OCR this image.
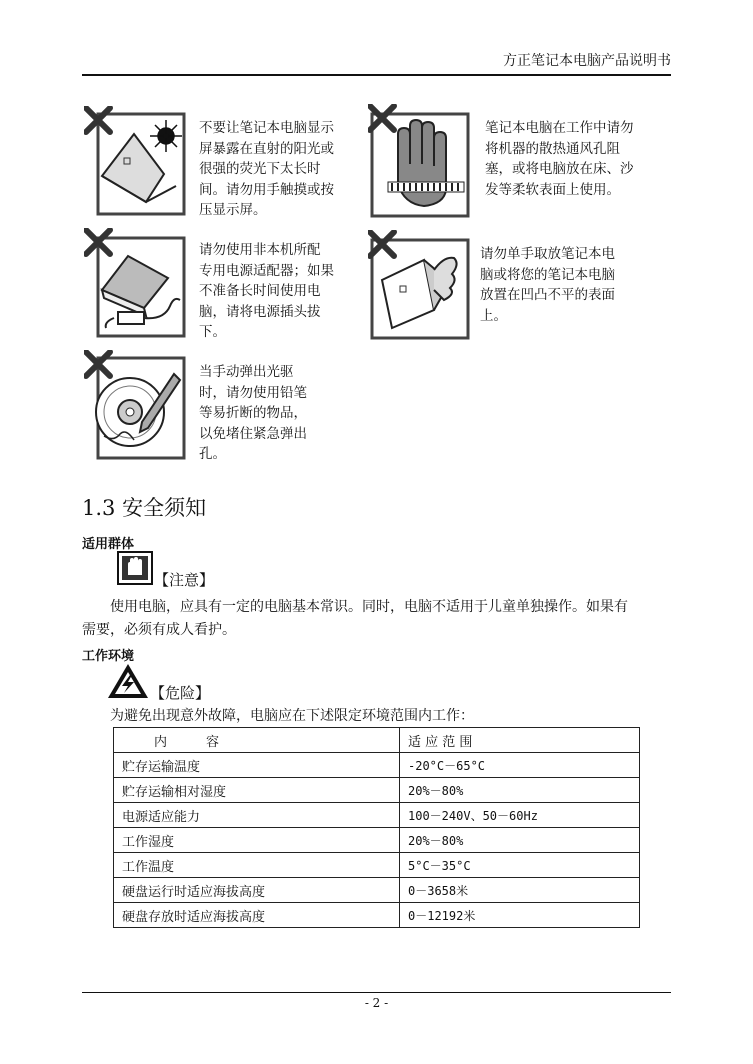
方正笔记本电脑产品说明书
不要让笔记本电脑显示
屏暴露在直射的阳光或
很强的荧光下太长时
间。请勿用手触摸或按
压显示屏。
笔记本电脑在工作中请勿
将机器的散热通风孔阻
塞，或将电脑放在床、沙
发等柔软表面上使用。
请勿使用非本机所配
专用电源适配器；如果
不准备长时间使用电
脑，请将电源插头拔
下。
请勿单手取放笔记本电
脑或将您的笔记本电脑
放置在凹凸不平的表面
上。
当手动弹出光驱
时，请勿使用铅笔
等易折断的物品，
以免堵住紧急弹出
孔。
1.3 安全须知
适用群体
【注意】
使用电脑，应具有一定的电脑基本常识。同时，电脑不适用于儿童单独操作。如果有
需要，必须有成人看护。
工作环境
【危险】
为避免出现意外故障，电脑应在下述限定环境范围内工作：
内　　　容	适 应 范 围
贮存运输温度	-20°C－65°C
贮存运输相对湿度	20%－80%
电源适应能力	100－240V、50－60Hz
工作湿度	20%－80%
工作温度	5°C－35°C
硬盘运行时适应海拔高度	0－3658米
硬盘存放时适应海拔高度	0－12192米
- 2 -
